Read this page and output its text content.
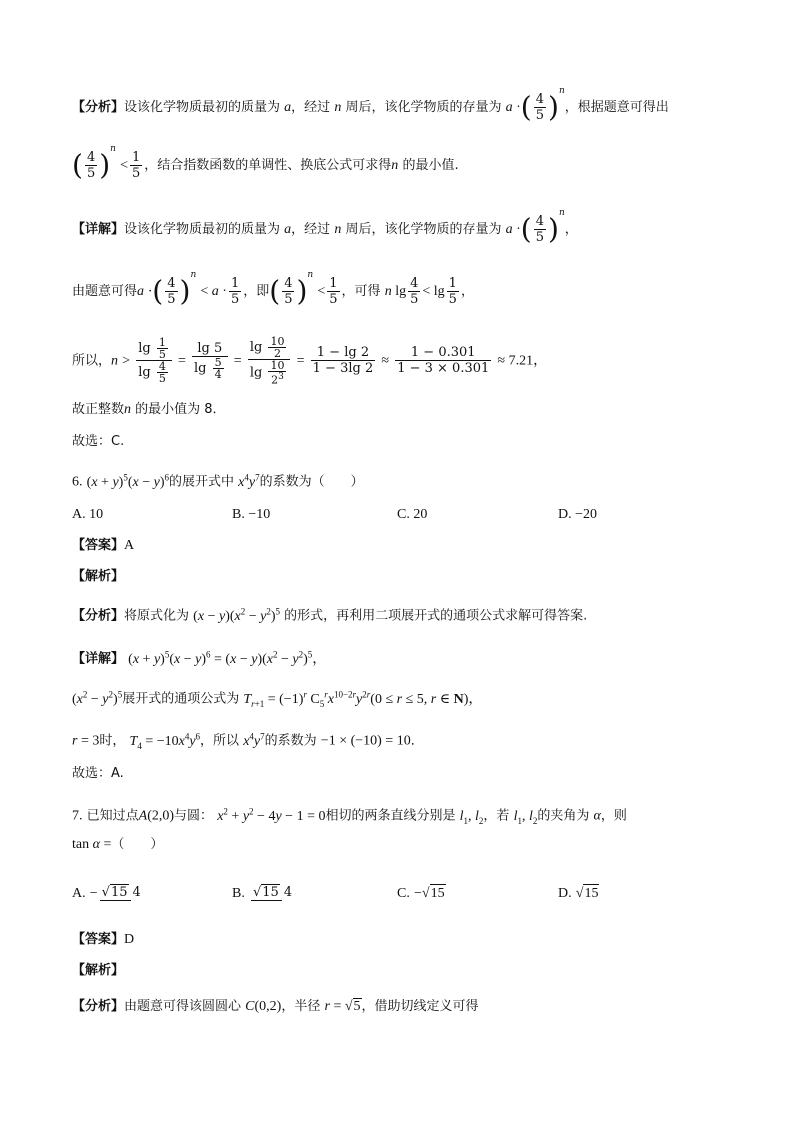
【分析】设该化学物质最初的质量为 a，经过 n 周后，该化学物质的存量为 a ·( $\frac{4}{5} )^n$，根据题意可得出
( $\frac{4}{5} )^n < \frac{1}{5}$ ，结合指数函数的单调性、换底公式可求得n 的最小值.
【详解】设该化学物质最初的质量为 a，经过 n 周后，该化学物质的存量为 a ·( $\frac{4}{5} )^n$，
由题意可得a ·( $\frac{4}{5} )^n < a \cdot \frac{1}{5}$ ，即( $\frac{4}{5} )^n < \frac{1}{5}$ ，可得 n $\lg \frac{4}{5} < \lg \frac{1}{5}$ ，
所以，$n > \frac{\lg \frac{1}{5}}{\lg \frac{4}{5}} = \frac{\lg 5}{\lg \frac{5}{4}} = \frac{\lg \frac{10}{2}}{\lg \frac{10}{2^3}} = \frac{1 - \lg 2}{1 - 3\lg 2} \approx \frac{1 - 0.301}{1 - 3 \times 0.301} \approx 7.21$，
故正整数n 的最小值为 8．
故选：C.
6. $(x + y)^5(x - y)^6$的展开式中 $x^4y^7$的系数为（　　）
A. 10	B. −10	C. 20	D. −20
【答案】A
【解析】
【分析】将原式化为 $(x - y)(x^2 - y^2)^5$ 的形式，再利用二项展开式的通项公式求解可得答案.
【详解】 $(x + y)^5(x - y)^6 = (x - y)(x^2 - y^2)^5$，
$(x^2 - y^2)^5$展开式的通项公式为 $T_{r+1} = (-1)^r$ $C_5^rx^{10-2r}y^{2r}(0 \le r \le 5$, r ∈ N)，
r = 3时， $T_4 = -10x^4y^6$，所以 $x^4y^7$的系数为 −1 × (−10) = 10．
故选：A.
7. 已知过点A(2,0)与圆： $x^2 + y^2 - 4y - 1 = 0$相切的两条直线分别是 $l_1$, $l_2$，若 $l_1$, $l_2$的夹角为 α，则
tan α =（　　）
A. − √15 4	B. √15 4	C. −√15	D. √15
【答案】D
【解析】
【分析】由题意可得该圆圆心 C(0,2)，半径 r = √5，借助切线定义可得
